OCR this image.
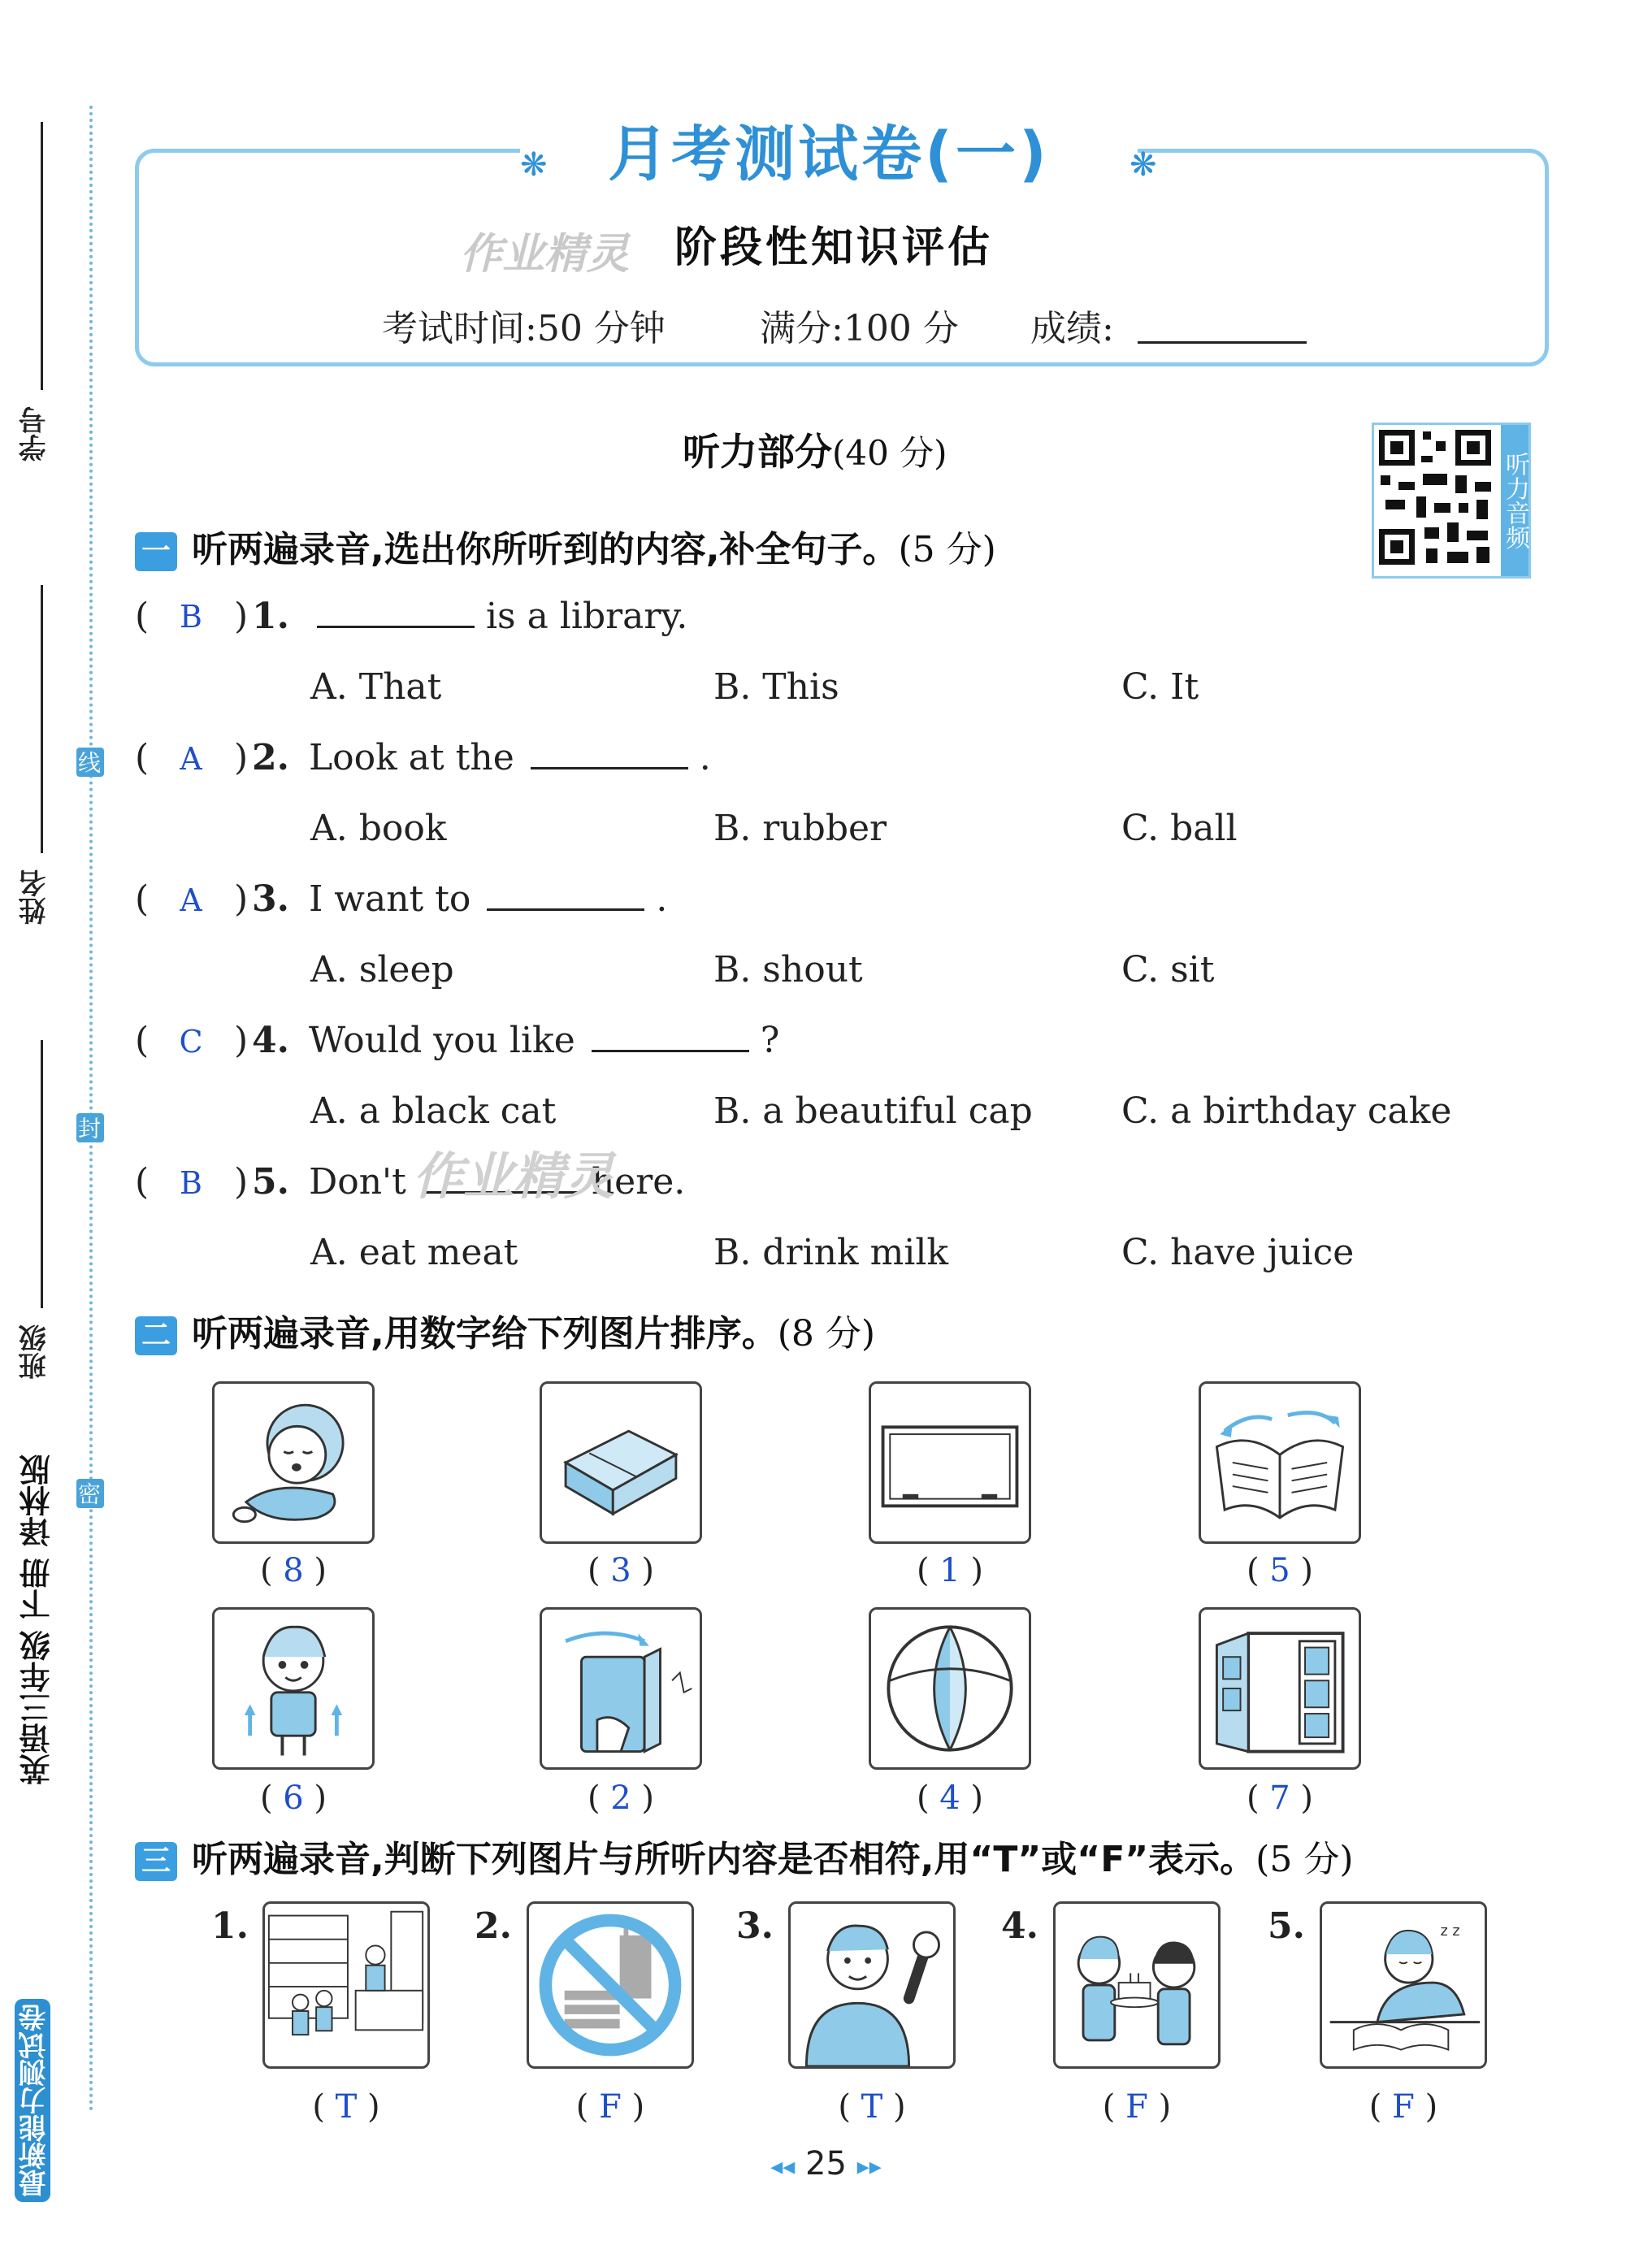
学号
姓名
班级
线
封
密
英语三年级 下册 译林版
最新能力测试卷
月考测试卷(一)
❋	❋
作业精灵 阶段性知识评估
考试时间:50 分钟	满分:100 分 成绩:
听力部分(40 分)	听力音频
一 听两遍录音,选出你所听到的内容,补全句子。(5 分)
( B ) 1.	is a library.
A. That	B. This	C. It
( A ) 2. Look at the	.
A. book	B. rubber	C. ball
( A ) 3. I want to	.
A. sleep	B. shout	C. sit
( C ) 4. Would you like	?
A. a black cat	B. a beautiful cap C. a birthday cake
( B ) 5. Don't	here.
作业精灵
A. eat meat	B. drink milk	C. have juice
二 听两遍录音,用数字给下列图片排序。(8 分)
( 8 )	( 3 )	( 1 )	( 5 )
( 6 )	( 2 )	( 4 )	( 7 )
三 听两遍录音,判断下列图片与所听内容是否相符,用“T”或“F”表示。(5 分)
1.
( T )
2.
( F )
3.
( T )
4.
( F )
5.	z z
( F )
◂◂ 25 ▸▸
